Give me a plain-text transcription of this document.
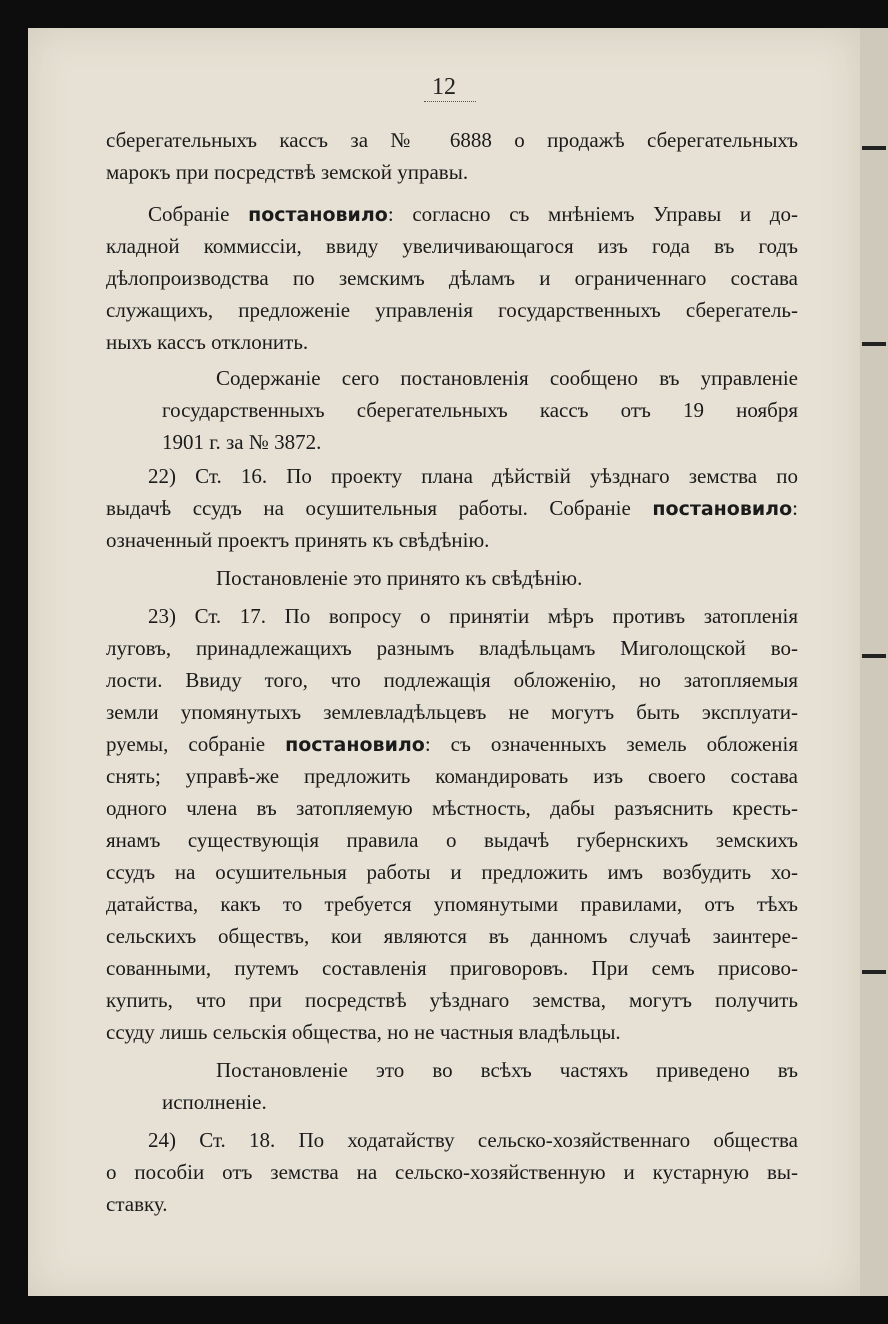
12

сберегательныхъ кассъ за № 6888 о продажѣ сберегательныхъ

марокъ при посредствѣ земской управы.

Собраніе постановило: согласно съ мнѣніемъ Управы и до-

кладной коммиссіи, ввиду увеличивающагося изъ года въ годъ

дѣлопроизводства по земскимъ дѣламъ и ограниченнаго состава

служащихъ, предложеніе управленія государственныхъ сберегатель-

ныхъ кассъ отклонить.

Содержаніе сего постановленія сообщено въ управленіе

государственныхъ сберегательныхъ кассъ отъ 19 ноября

1901 г. за № 3872.

22) Ст. 16. По проекту плана дѣйствій уѣзднаго земства по

выдачѣ ссудъ на осушительныя работы. Собраніе постановило:

означенный проектъ принять къ свѣдѣнію.

Постановленіе это принято къ свѣдѣнію.

23) Ст. 17. По вопросу о принятіи мѣръ противъ затопленія

луговъ, принадлежащихъ разнымъ владѣльцамъ Миголощской во-

лости. Ввиду того, что подлежащія обложенію, но затопляемыя

земли упомянутыхъ землевладѣльцевъ не могутъ быть эксплуати-

руемы, собраніе постановило: съ означенныхъ земель обложенія

снять; управѣ-же предложить командировать изъ своего состава

одного члена въ затопляемую мѣстность, дабы разъяснить кресть-

янамъ существующія правила о выдачѣ губернскихъ земскихъ

ссудъ на осушительныя работы и предложить имъ возбудить хо-

датайства, какъ то требуется упомянутыми правилами, отъ тѣхъ

сельскихъ обществъ, кои являются въ данномъ случаѣ заинтере-

сованными, путемъ составленія приговоровъ. При семъ присово-

купить, что при посредствѣ уѣзднаго земства, могутъ получить

ссуду лишь сельскія общества, но не частныя владѣльцы.

Постановленіе это во всѣхъ частяхъ приведено въ

исполненіе.

24) Ст. 18. По ходатайству сельско-хозяйственнаго общества

о пособіи отъ земства на сельско-хозяйственную и кустарную вы-

ставку.
